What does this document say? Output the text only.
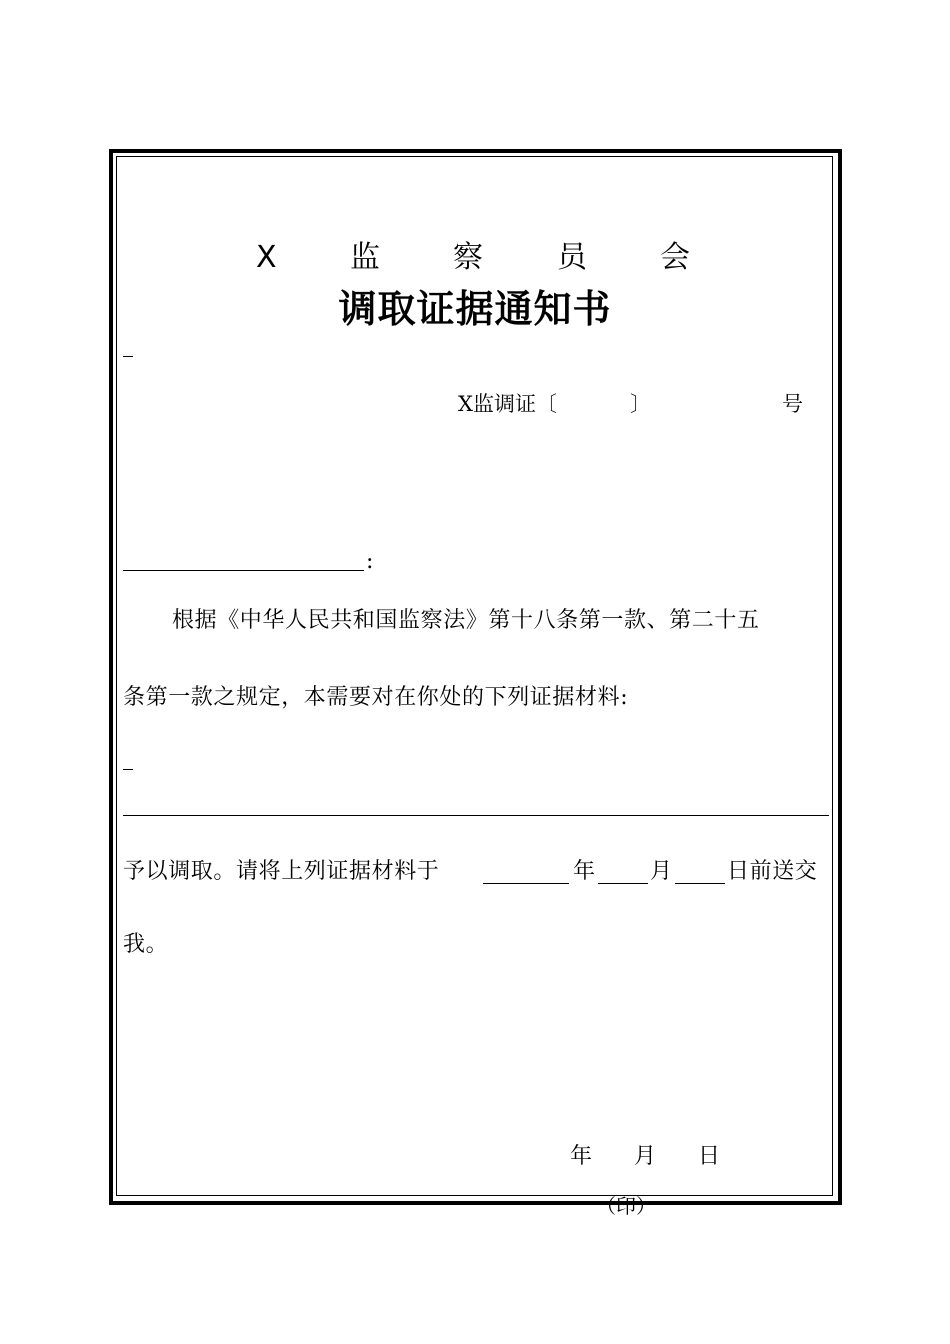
X 监 察 员 会
调取证据通知书
X监调证〔	〕	号
:
根据《中华人民共和国监察法》第十八条第一款、第二十五
条第一款之规定，本需要对在你处的下列证据材料:
予以调取。请将上列证据材料于	年 月 日前送交
我。
年 月 日
（印）
